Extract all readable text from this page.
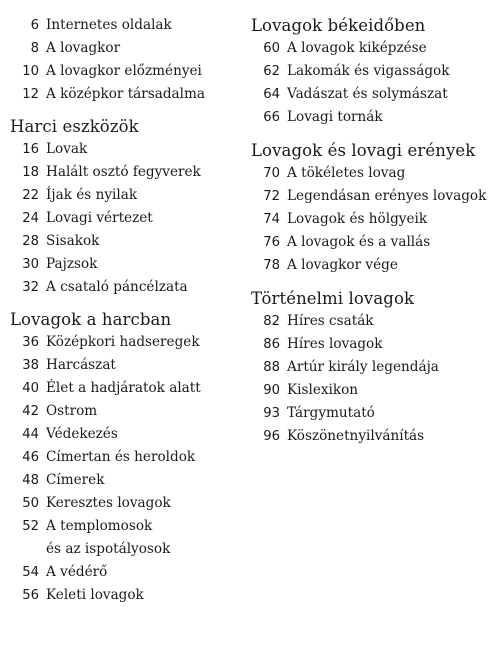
6 Internetes oldalak
8 A lovagkor
10 A lovagkor előzményei
12 A középkor társadalma
Harci eszközök
16 Lovak
18 Halált osztó fegyverek
22 Íjak és nyilak
24 Lovagi vértezet
28 Sisakok
30 Pajzsok
32 A csataló páncélzata
Lovagok a harcban
36 Középkori hadseregek
38 Harcászat
40 Élet a hadjáratok alatt
42 Ostrom
44 Védekezés
46 Címertan és heroldok
48 Címerek
50 Keresztes lovagok
52 A templomosok
és az ispotályosok
54 A védérő
56 Keleti lovagok
Lovagok békeidőben
60 A lovagok kiképzése
62 Lakomák és vigasságok
64 Vadászat és solymászat
66 Lovagi tornák
Lovagok és lovagi erények
70 A tökéletes lovag
72 Legendásan erényes lovagok
74 Lovagok és hölgyeik
76 A lovagok és a vallás
78 A lovagkor vége
Történelmi lovagok
82 Híres csaták
86 Híres lovagok
88 Artúr király legendája
90 Kislexikon
93 Tárgymutató
96 Köszönetnyilvánítás
